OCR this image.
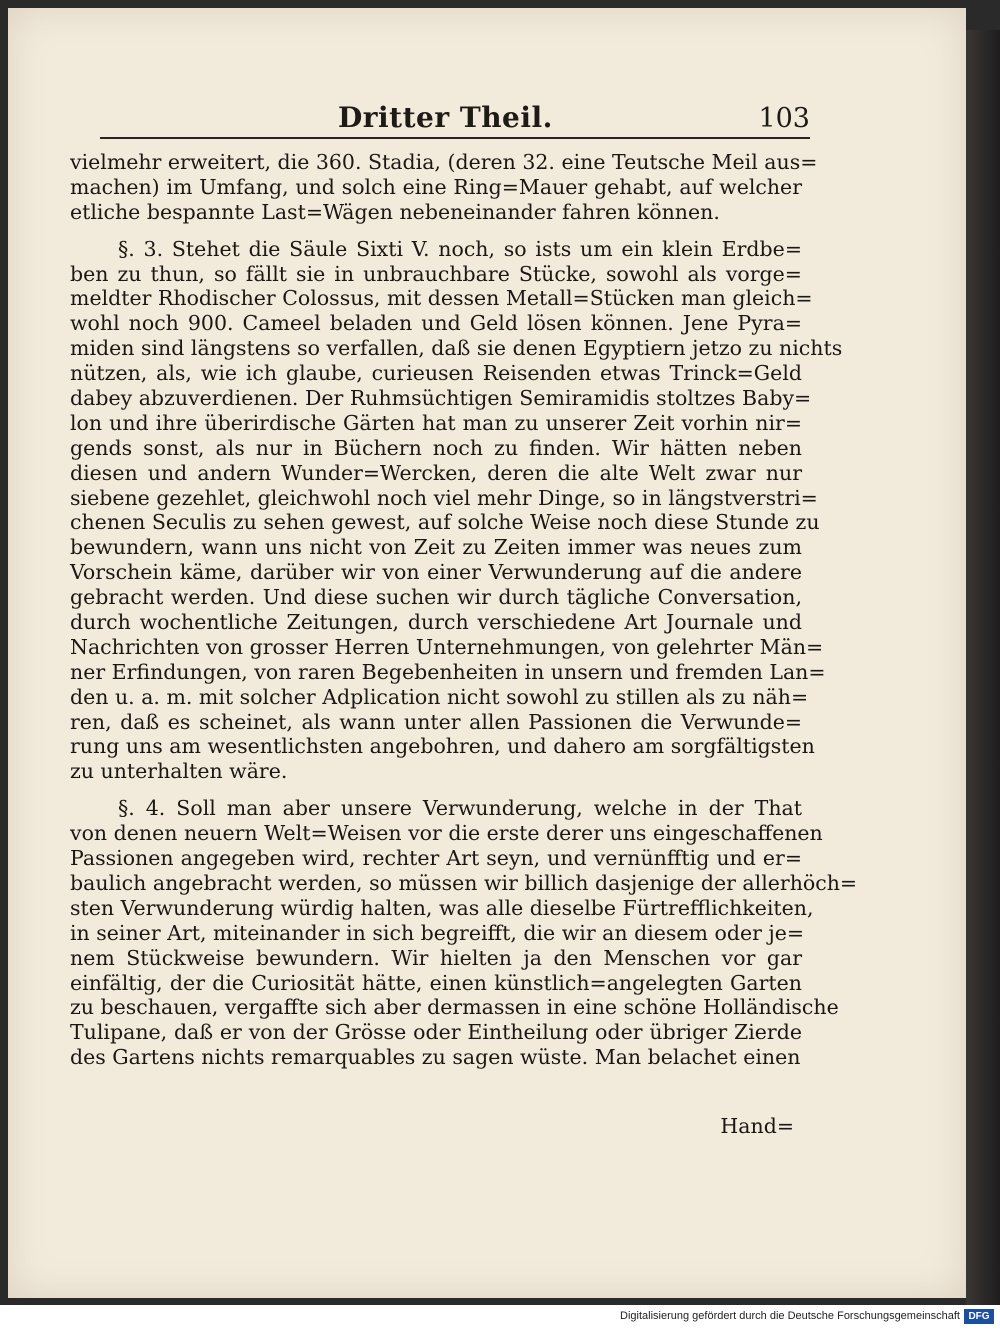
Dritter Theil.	103
vielmehr erweitert, die 360. Stadia, (deren 32. eine Teutsche Meil aus=
machen) im Umfang, und solch eine Ring=Mauer gehabt, auf welcher
etliche bespannte Last=Wägen nebeneinander fahren können.
§. 3. Stehet die Säule Sixti V. noch, so ists um ein klein Erdbe=
ben zu thun, so fällt sie in unbrauchbare Stücke, sowohl als vorge=
meldter Rhodischer Colossus, mit dessen Metall=Stücken man gleich=
wohl noch 900. Cameel beladen und Geld lösen können. Jene Pyra=
miden sind längstens so verfallen, daß sie denen Egyptiern jetzo zu nichts
nützen, als, wie ich glaube, curieusen Reisenden etwas Trinck=Geld
dabey abzuverdienen. Der Ruhmsüchtigen Semiramidis stoltzes Baby=
lon und ihre überirdische Gärten hat man zu unserer Zeit vorhin nir=
gends sonst, als nur in Büchern noch zu finden. Wir hätten neben
diesen und andern Wunder=Wercken, deren die alte Welt zwar nur
siebene gezehlet, gleichwohl noch viel mehr Dinge, so in längstverstri=
chenen Seculis zu sehen gewest, auf solche Weise noch diese Stunde zu
bewundern, wann uns nicht von Zeit zu Zeiten immer was neues zum
Vorschein käme, darüber wir von einer Verwunderung auf die andere
gebracht werden. Und diese suchen wir durch tägliche Conversation,
durch wochentliche Zeitungen, durch verschiedene Art Journale und
Nachrichten von grosser Herren Unternehmungen, von gelehrter Män=
ner Erfindungen, von raren Begebenheiten in unsern und fremden Lan=
den u. a. m. mit solcher Adplication nicht sowohl zu stillen als zu näh=
ren, daß es scheinet, als wann unter allen Passionen die Verwunde=
rung uns am wesentlichsten angebohren, und dahero am sorgfältigsten
zu unterhalten wäre.
§. 4. Soll man aber unsere Verwunderung, welche in der That
von denen neuern Welt=Weisen vor die erste derer uns eingeschaffenen
Passionen angegeben wird, rechter Art seyn, und vernünfftig und er=
baulich angebracht werden, so müssen wir billich dasjenige der allerhöch=
sten Verwunderung würdig halten, was alle dieselbe Fürtrefflichkeiten,
in seiner Art, miteinander in sich begreifft, die wir an diesem oder je=
nem Stückweise bewundern. Wir hielten ja den Menschen vor gar
einfältig, der die Curiosität hätte, einen künstlich=angelegten Garten
zu beschauen, vergaffte sich aber dermassen in eine schöne Holländische
Tulipane, daß er von der Grösse oder Eintheilung oder übriger Zierde
des Gartens nichts remarquables zu sagen wüste. Man belachet einen
Hand=
Digitalisierung gefördert durch die Deutsche Forschungsgemeinschaft DFG
